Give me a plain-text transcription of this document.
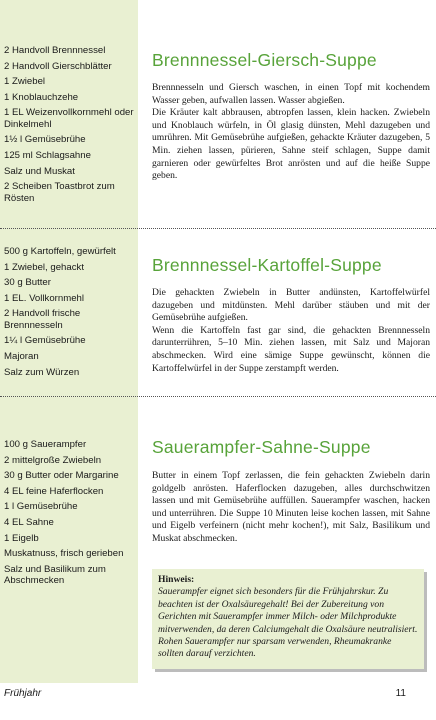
2 Handvoll Brennnessel
2 Handvoll Gierschblätter
1 Zwiebel
1 Knoblauchzehe
1 EL Weizenvollkornmehl oder Dinkelmehl
1½ l Gemüsebrühe
125 ml Schlagsahne
Salz und Muskat
2 Scheiben Toastbrot zum Rösten
Brennnessel-Giersch-Suppe

Brennnesseln und Giersch waschen, in einen Topf mit kochendem Wasser geben, aufwallen lassen. Wasser abgießen.

Die Kräuter kalt abbrausen, abtropfen lassen, klein hacken. Zwiebeln und Knoblauch würfeln, in Öl glasig dünsten, Mehl dazugeben und umrühren. Mit Gemüsebrühe aufgießen, gehackte Kräuter dazugeben, 5 Min. ziehen lassen, pürieren, Sahne steif schlagen, Suppe damit garnieren oder gewürfeltes Brot anrösten und auf die heiße Suppe geben.

500 g Kartoffeln, gewürfelt
1 Zwiebel, gehackt
30 g Butter
1 EL. Vollkornmehl
2 Handvoll frische Brennnesseln
1¼ l Gemüsebrühe
Majoran
Salz zum Würzen
Brennnessel-Kartoffel-Suppe

Die gehackten Zwiebeln in Butter andünsten, Kartoffelwürfel dazugeben und mitdünsten. Mehl darüber stäuben und mit der Gemüsebrühe aufgießen.

Wenn die Kartoffeln fast gar sind, die gehackten Brennnesseln darunterrühren, 5–10 Min. ziehen lassen, mit Salz und Majoran abschmecken. Wird eine sämige Suppe gewünscht, können die Kartoffelwürfel in der Suppe zerstampft werden.

100 g Sauerampfer
2 mittelgroße Zwiebeln
30 g Butter oder Margarine
4 EL feine Haferflocken
1 l Gemüsebrühe
4 EL Sahne
1 Eigelb
Muskatnuss, frisch gerieben
Salz und Basilikum zum Abschmecken
Sauerampfer-Sahne-Suppe

Butter in einem Topf zerlassen, die fein gehackten Zwiebeln darin goldgelb anrösten. Haferflocken dazugeben, alles durchschwitzen lassen und mit Gemüsebrühe auffüllen. Sauerampfer waschen, hacken und unterrühren. Die Suppe 10 Minuten leise kochen lassen, mit Sahne und Eigelb verfeinern (nicht mehr kochen!), mit Salz, Basilikum und Muskat abschmecken.

Hinweis:
Sauerampfer eignet sich besonders für die Frühjahrskur. Zu beachten ist der Oxalsäuregehalt! Bei der Zubereitung von Gerichten mit Sauerampfer immer Milch- oder Milchprodukte mitverwenden, da deren Calciumgehalt die Oxalsäure neutralisiert. Rohen Sauerampfer nur sparsam verwenden, Rheumakranke sollten darauf verzichten.
Frühjahr	11
